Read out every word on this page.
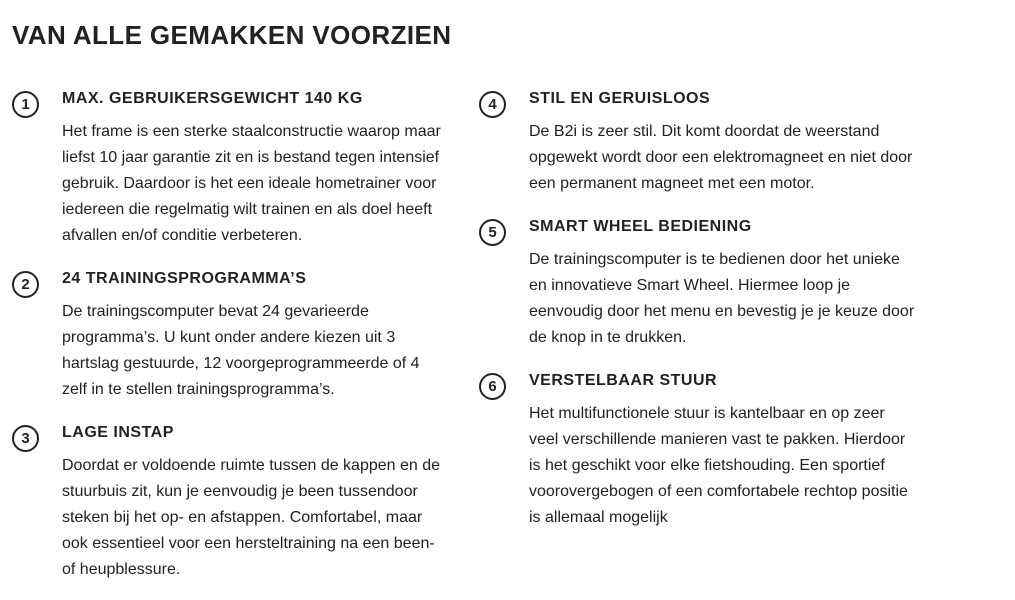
VAN ALLE GEMAKKEN VOORZIEN
1	MAX. GEBRUIKERSGEWICHT 140 KG

Het frame is een sterke staalconstructie waarop maar
liefst 10 jaar garantie zit en is bestand tegen intensief
gebruik. Daardoor is het een ideale hometrainer voor
iedereen die regelmatig wilt trainen en als doel heeft
afvallen en/of conditie verbeteren.

2	24 TRAININGSPROGRAMMA’S

De trainingscomputer bevat 24 gevarieerde
programma’s. U kunt onder andere kiezen uit 3
hartslag gestuurde, 12 voorgeprogrammeerde of 4
zelf in te stellen trainingsprogramma’s.

3	LAGE INSTAP

Doordat er voldoende ruimte tussen de kappen en de
stuurbuis zit, kun je eenvoudig je been tussendoor
steken bij het op- en afstappen. Comfortabel, maar
ook essentieel voor een hersteltraining na een been-
of heupblessure.

4	STIL EN GERUISLOOS

De B2i is zeer stil. Dit komt doordat de weerstand
opgewekt wordt door een elektromagneet en niet door
een permanent magneet met een motor.

5	SMART WHEEL BEDIENING

De trainingscomputer is te bedienen door het unieke
en innovatieve Smart Wheel. Hiermee loop je
eenvoudig door het menu en bevestig je je keuze door
de knop in te drukken.

6	VERSTELBAAR STUUR

Het multifunctionele stuur is kantelbaar en op zeer
veel verschillende manieren vast te pakken. Hierdoor
is het geschikt voor elke fietshouding. Een sportief
voorovergebogen of een comfortabele rechtop positie
is allemaal mogelijk
